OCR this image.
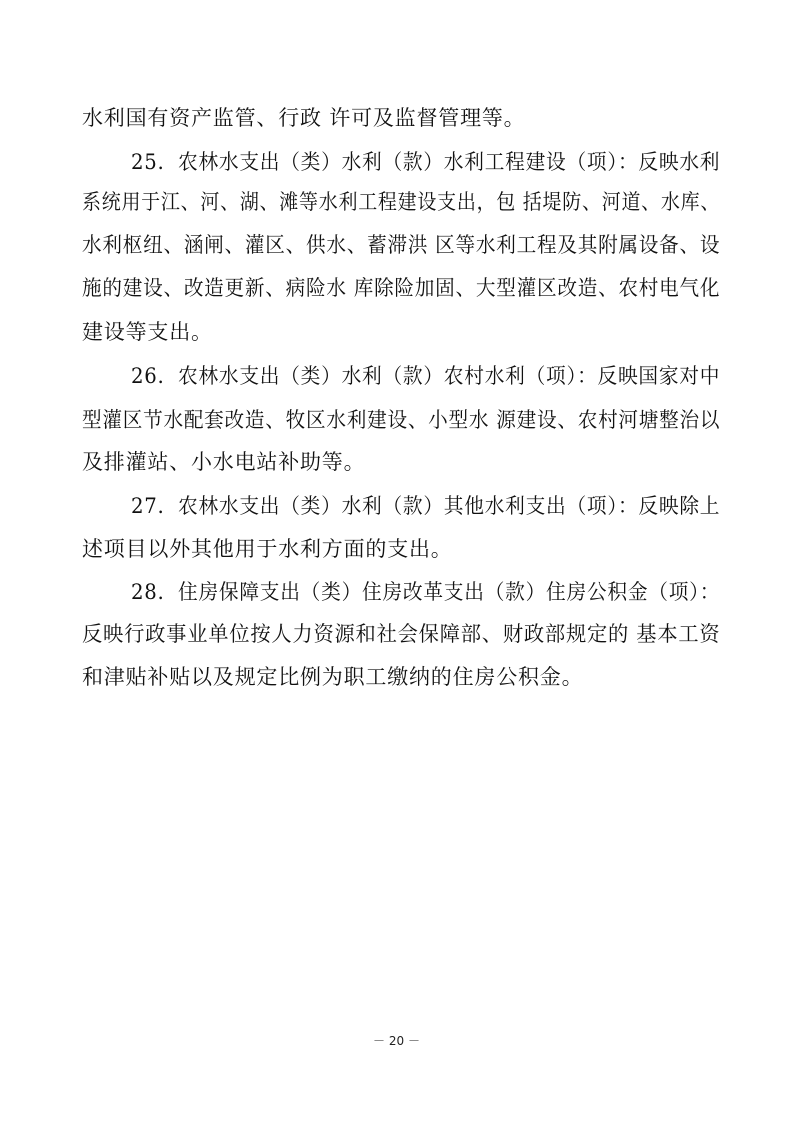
水利国有资产监管、行政 许可及监督管理等。
25．农林水支出（类）水利（款）水利工程建设（项）：反映水利
系统用于江、河、湖、滩等水利工程建设支出，包 括堤防、河道、水库、
水利枢纽、涵闸、灌区、供水、蓄滞洪 区等水利工程及其附属设备、设
施的建设、改造更新、病险水 库除险加固、大型灌区改造、农村电气化
建设等支出。
26．农林水支出（类）水利（款）农村水利（项）：反映国家对中
型灌区节水配套改造、牧区水利建设、小型水 源建设、农村河塘整治以
及排灌站、小水电站补助等。
27．农林水支出（类）水利（款）其他水利支出（项）：反映除上
述项目以外其他用于水利方面的支出。
28．住房保障支出（类）住房改革支出（款）住房公积金（项）：
反映行政事业单位按人力资源和社会保障部、财政部规定的 基本工资
和津贴补贴以及规定比例为职工缴纳的住房公积金。
－ 20 －
